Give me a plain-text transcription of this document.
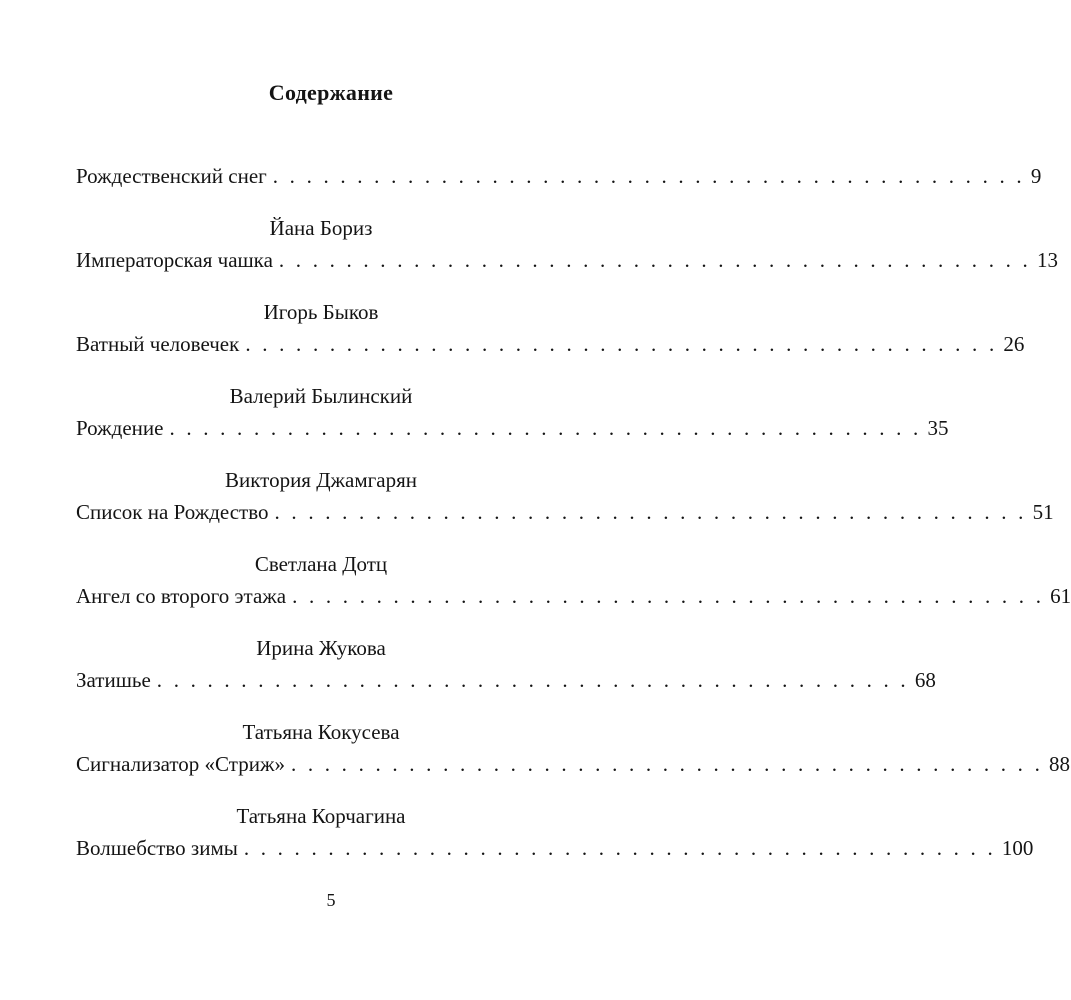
Содержание
Рождественский снег . . . . . . . . . . . . . . . . . . . . . . . . . . . . . . . . . . . . . . . . . . . . . 9
Йана Бориз
Императорская чашка . . . . . . . . . . . . . . . . . . . . . . . . . . . . . . . . . . . . . . . . . . . . . 13
Игорь Быков
Ватный человечек . . . . . . . . . . . . . . . . . . . . . . . . . . . . . . . . . . . . . . . . . . . . . 26
Валерий Былинский
Рождение . . . . . . . . . . . . . . . . . . . . . . . . . . . . . . . . . . . . . . . . . . . . . 35
Виктория Джамгарян
Список на Рождество . . . . . . . . . . . . . . . . . . . . . . . . . . . . . . . . . . . . . . . . . . . . . 51
Светлана Дотц
Ангел со второго этажа . . . . . . . . . . . . . . . . . . . . . . . . . . . . . . . . . . . . . . . . . . . . . 61
Ирина Жукова
Затишье . . . . . . . . . . . . . . . . . . . . . . . . . . . . . . . . . . . . . . . . . . . . . 68
Татьяна Кокусева
Сигнализатор «Стриж» . . . . . . . . . . . . . . . . . . . . . . . . . . . . . . . . . . . . . . . . . . . . . 88
Татьяна Корчагина
Волшебство зимы . . . . . . . . . . . . . . . . . . . . . . . . . . . . . . . . . . . . . . . . . . . . . 100
5
